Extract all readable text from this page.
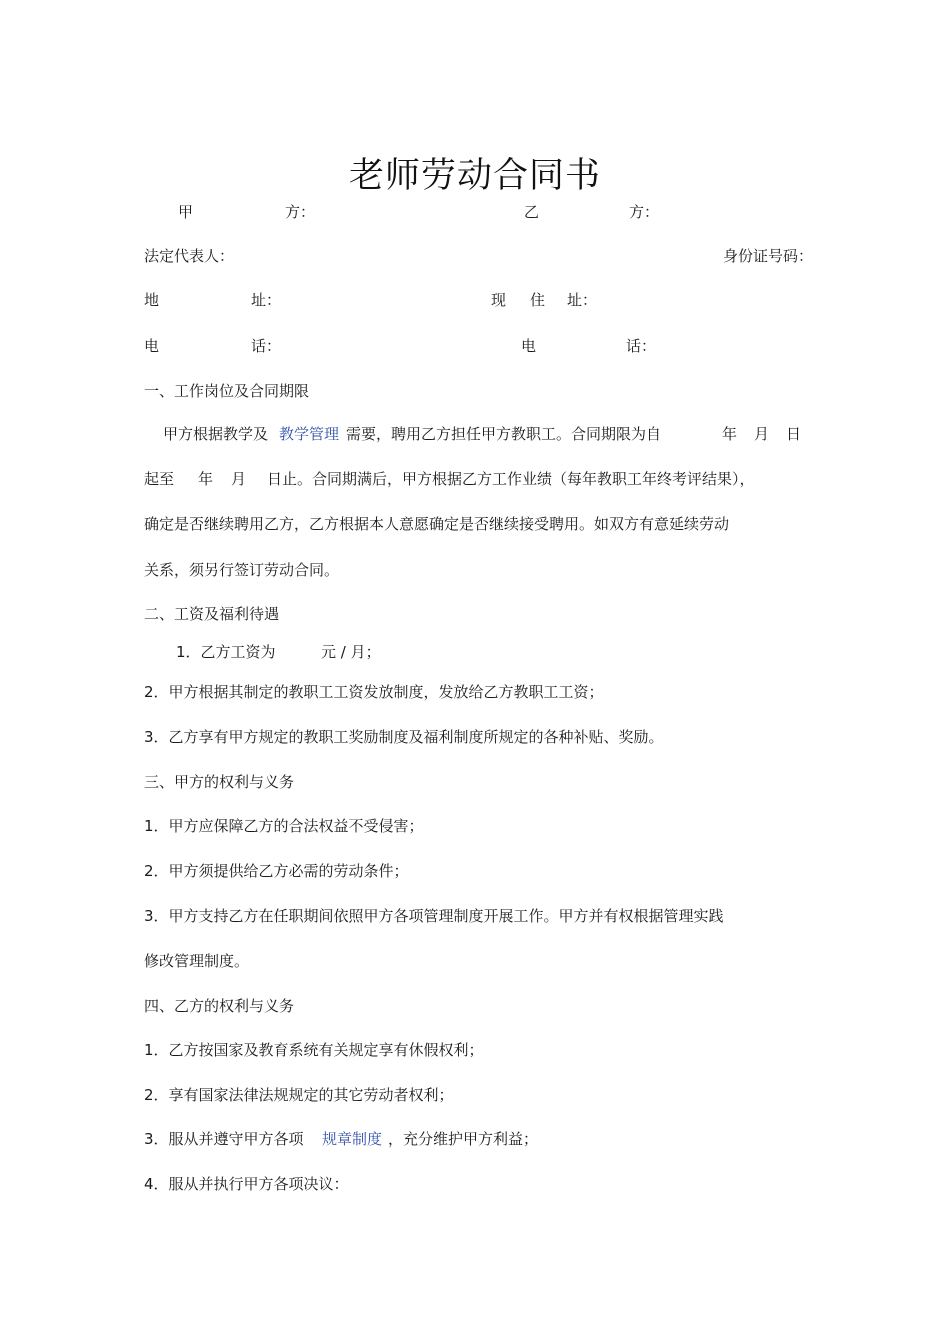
老师劳动合同书
甲	方：	乙	方：
法定代表人：	身份证号码：
地	址：	现 住 址：
电	话：	电	话：
一、工作岗位及合同期限
甲方根据教学及 教学管理 需要，聘用乙方担任甲方教职工。合同期限为自	年 月 日
起至 年 月 日止。合同期满后，甲方根据乙方工作业绩（每年教职工年终考评结果），
确定是否继续聘用乙方，乙方根据本人意愿确定是否继续接受聘用。如双方有意延续劳动
关系，须另行签订劳动合同。
二、工资及福利待遇
1．乙方工资为	元 / 月；
2．甲方根据其制定的教职工工资发放制度，发放给乙方教职工工资；
3．乙方享有甲方规定的教职工奖励制度及福利制度所规定的各种补贴、奖励。
三、甲方的权利与义务
1．甲方应保障乙方的合法权益不受侵害；
2．甲方须提供给乙方必需的劳动条件；
3．甲方支持乙方在任职期间依照甲方各项管理制度开展工作。甲方并有权根据管理实践
修改管理制度。
四、乙方的权利与义务
1．乙方按国家及教育系统有关规定享有休假权利；
2．享有国家法律法规规定的其它劳动者权利；
3．服从并遵守甲方各项 规章制度 ，充分维护甲方利益；
4．服从并执行甲方各项决议：
